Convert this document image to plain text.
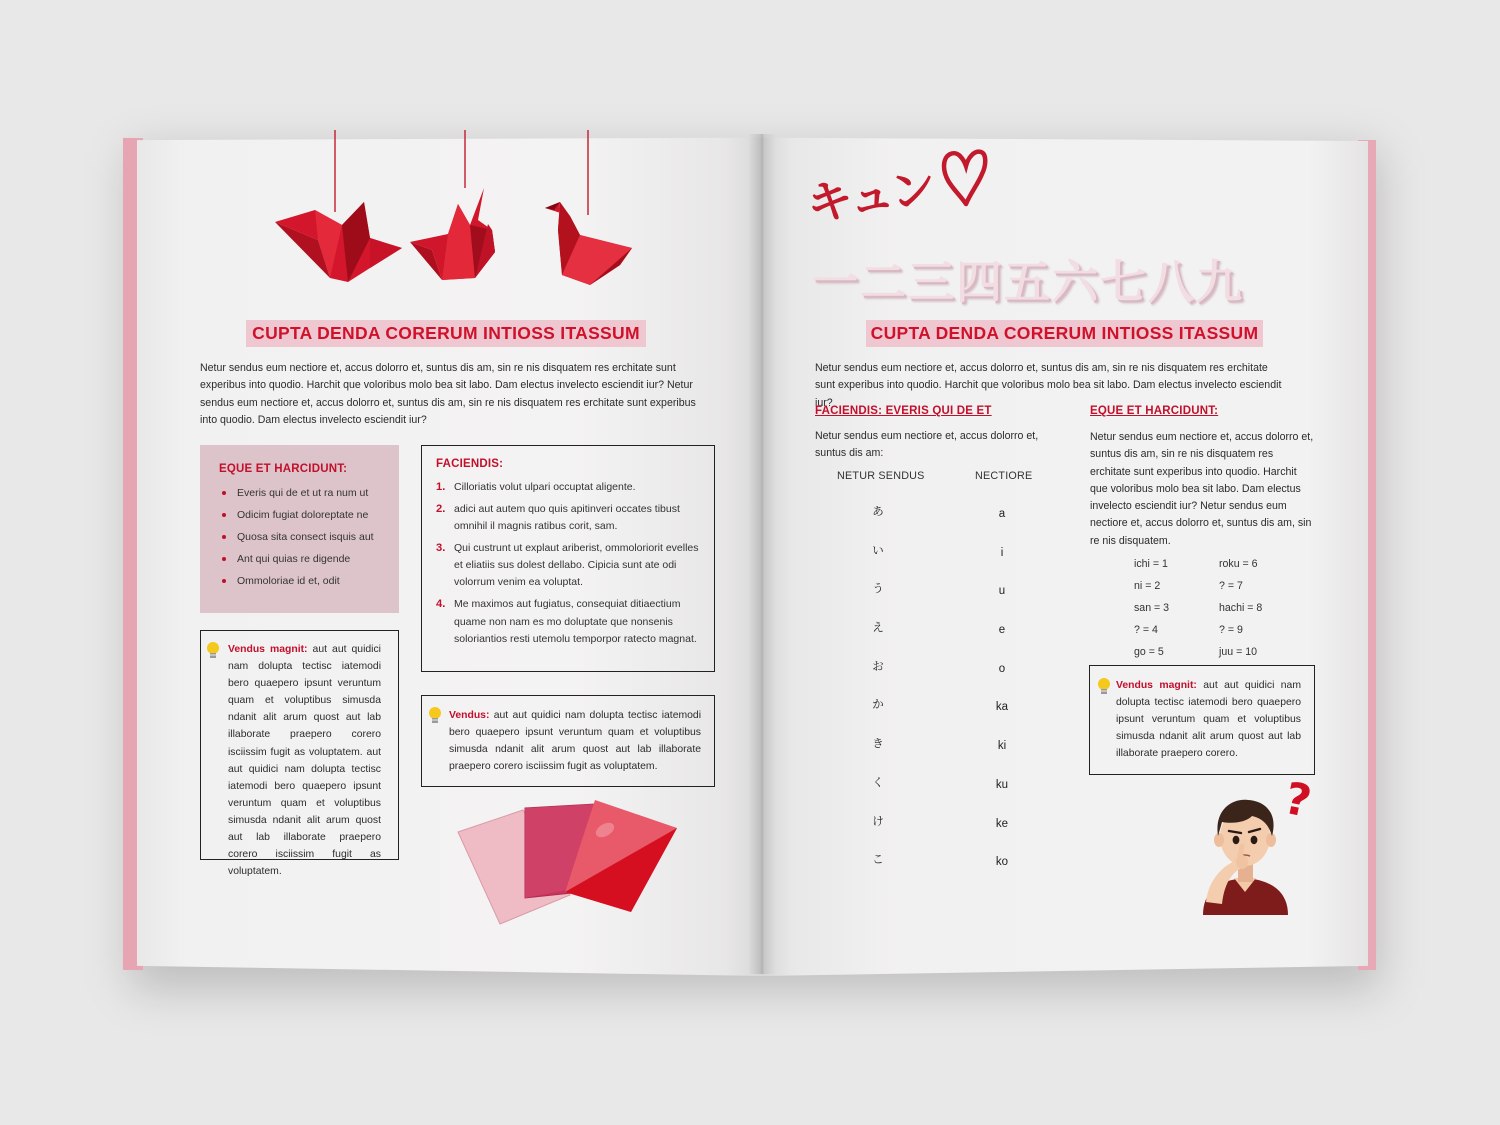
CUPTA DENDA CORERUM INTIOSS ITASSUM
Netur sendus eum nectiore et, accus dolorro et, suntus dis am, sin re nis disquatem res erchitate sunt experibus into quodio. Harchit que voloribus molo bea sit labo. Dam electus invelecto esciendit iur? Netur sendus eum nectiore et, accus dolorro et, suntus dis am, sin re nis disquatem res erchitate sunt experibus into quodio. Dam electus invelecto esciendit iur?
EQUE ET HARCIDUNT:
Everis qui de et ut ra num ut
Odicim fugiat doloreptate ne
Quosa sita consect isquis aut
Ant qui quias re digende
Ommoloriae id et, odit
FACIENDIS:
1. Cilloriatis volut ulpari occuptat aligente.
2. adici aut autem quo quis apitinveri occates tibust omnihil il magnis ratibus corit, sam.
3. Qui custrunt ut explaut ariberist, ommoloriorit evelles et eliatiis sus dolest dellabo. Cipicia sunt ate odi volorrum venim ea voluptat.
4. Me maximos aut fugiatus, consequiat ditiaectium quame non nam es mo doluptate que nonsenis soloriantios resti utemolu temporpor ratecto magnat.
Vendus magnit: aut aut quidici nam dolupta tectisc iatemodi bero quaepero ipsunt veruntum quam et voluptibus simusda ndanit alit arum quost aut lab illaborate praepero corero isciissim fugit as voluptatem. aut aut quidici nam dolupta tectisc iatemodi bero quaepero ipsunt veruntum quam et voluptibus simusda ndanit alit arum quost aut lab illaborate praepero corero isciissim fugit as voluptatem.
Vendus: aut aut quidici nam dolupta tectisc iatemodi bero quaepero ipsunt veruntum quam et voluptibus simusda ndanit alit arum quost aut lab illaborate praepero corero isciissim fugit as voluptatem.
キュン
一二三四五六七八九
CUPTA DENDA CORERUM INTIOSS ITASSUM
Netur sendus eum nectiore et, accus dolorro et, suntus dis am, sin re nis disquatem res erchitate sunt experibus into quodio. Harchit que voloribus molo bea sit labo. Dam electus invelecto esciendit iur?
FACIENDIS: EVERIS QUI DE ET
Netur sendus eum nectiore et, accus dolorro et, suntus dis am:
NETUR SENDUS	NECTIORE
あ
い
う
え
お
か
き
く
け
こ
a
i
u
e
o
ka
ki
ku
ke
ko
EQUE ET HARCIDUNT:
Netur sendus eum nectiore et, accus dolorro et, suntus dis am, sin re nis disquatem res erchitate sunt experibus into quodio. Harchit que voloribus molo bea sit labo. Dam electus invelecto esciendit iur? Netur sendus eum nectiore et, accus dolorro et, suntus dis am, sin re nis disquatem.
ichi = 1
ni = 2
san = 3
? = 4
go = 5
roku = 6
? = 7
hachi = 8
? = 9
juu = 10
Vendus magnit: aut aut quidici nam dolupta tectisc iatemodi bero quaepero ipsunt veruntum quam et voluptibus simusda ndanit alit arum quost aut lab illaborate praepero corero.
?
